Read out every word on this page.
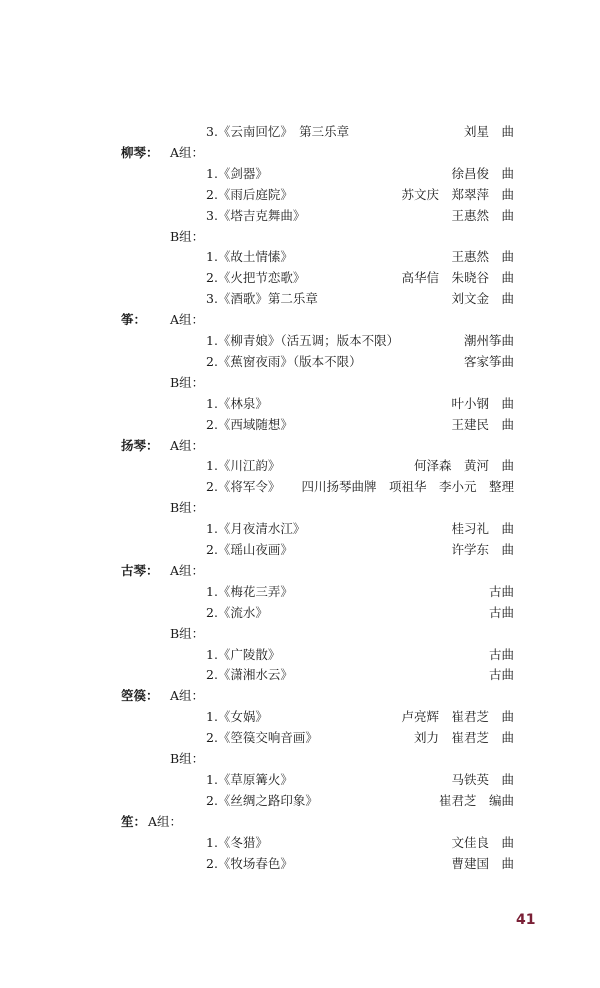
3.《云南回忆》　第三乐章	刘星　曲
柳琴： A组：
1.《剑器》	徐昌俊　曲
2.《雨后庭院》	苏文庆　郑翠萍　曲
3.《塔吉克舞曲》	王惠然　曲
B组：
1.《故土情愫》	王惠然　曲
2.《火把节恋歌》	高华信　朱晓谷　曲
3.《酒歌》第二乐章	刘文金　曲
筝： A组：
1.《柳青娘》（活五调；版本不限）	潮州筝曲
2.《蕉窗夜雨》（版本不限）	客家筝曲
B组：
1.《林泉》	叶小钢　曲
2.《西域随想》	王建民　曲
扬琴： A组：
1.《川江韵》	何泽森　黄河　曲
2.《将军令》 四川扬琴曲牌　项祖华　李小元　整理
B组：
1.《月夜清水江》	桂习礼　曲
2.《瑶山夜画》	许学东　曲
古琴： A组：
1.《梅花三弄》	古曲
2.《流水》	古曲
B组：
1.《广陵散》	古曲
2.《潇湘水云》	古曲
箜篌： A组：
1.《女娲》	卢亮辉　崔君芝　曲
2.《箜篌交响音画》	刘力　崔君芝　曲
B组：
1.《草原篝火》	马铁英　曲
2.《丝绸之路印象》	崔君芝　编曲
笙： A组：
1.《冬猎》	文佳良　曲
2.《牧场春色》	曹建国　曲
41
